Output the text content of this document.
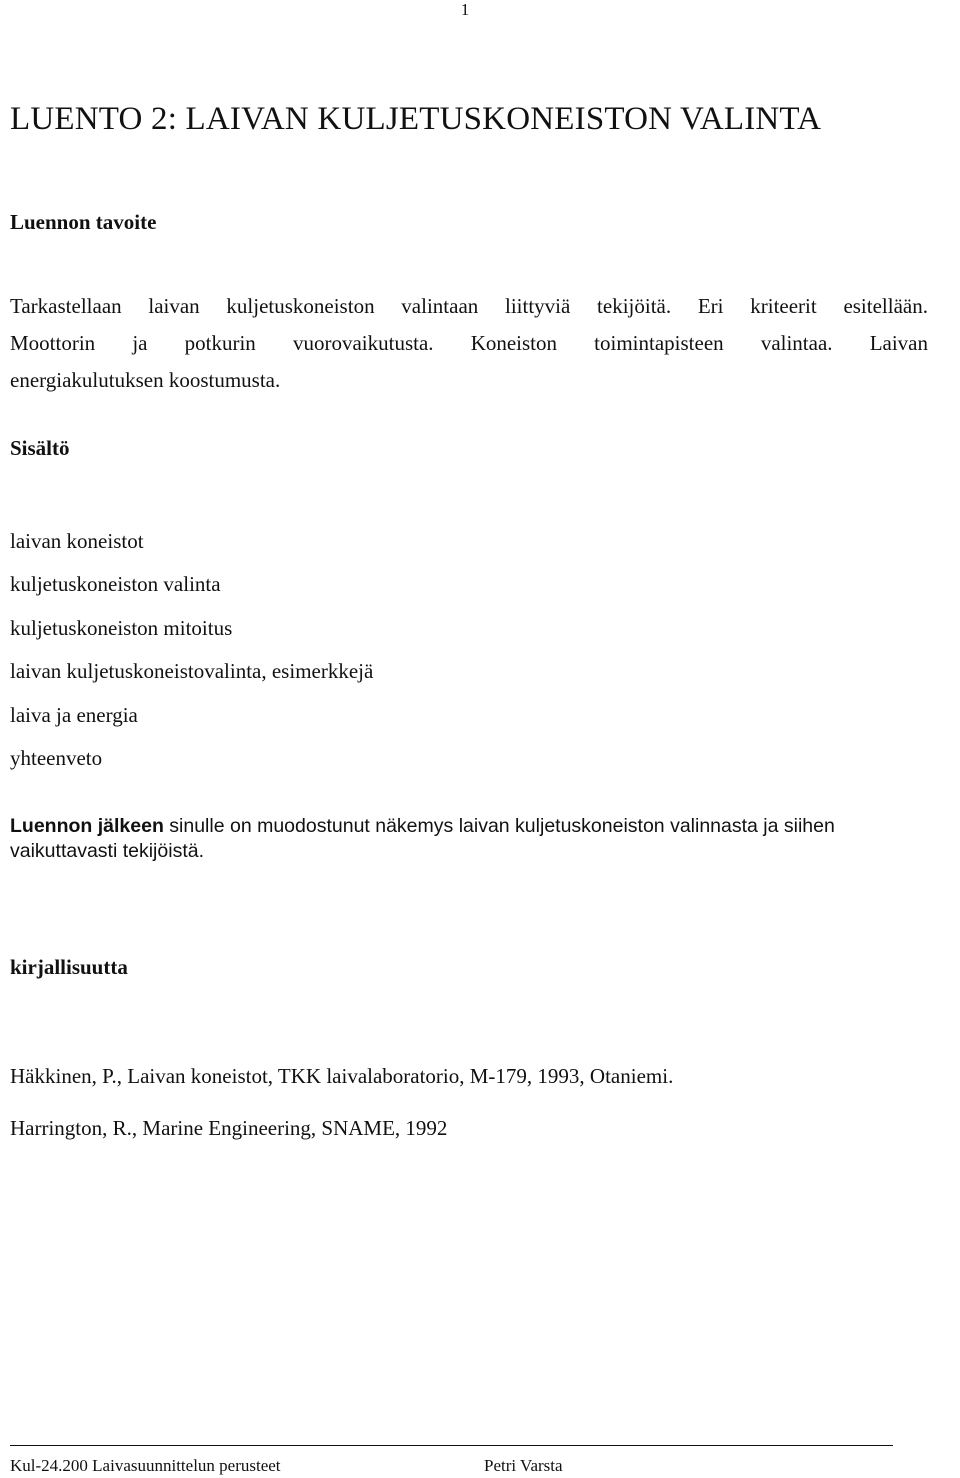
1
LUENTO 2: LAIVAN KULJETUSKONEISTON VALINTA
Luennon tavoite

Tarkastellaan laivan kuljetuskoneiston valintaan liittyviä tekijöitä. Eri kriteerit esitellään.
Moottorin ja potkurin vuorovaikutusta. Koneiston toimintapisteen valintaa. Laivan
energiakulutuksen koostumusta.

Sisältö
laivan koneistot
kuljetuskoneiston valinta
kuljetuskoneiston mitoitus
laivan kuljetuskoneistovalinta, esimerkkejä
laiva ja energia
yhteenveto

Luennon jälkeen sinulle on muodostunut näkemys laivan kuljetuskoneiston valinnasta ja siihen vaikuttavasti tekijöistä.

kirjallisuutta
Häkkinen, P., Laivan koneistot, TKK laivalaboratorio, M-179, 1993, Otaniemi.
Harrington, R., Marine Engineering, SNAME, 1992
Kul-24.200 Laivasuunnittelun perusteet	Petri Varsta
